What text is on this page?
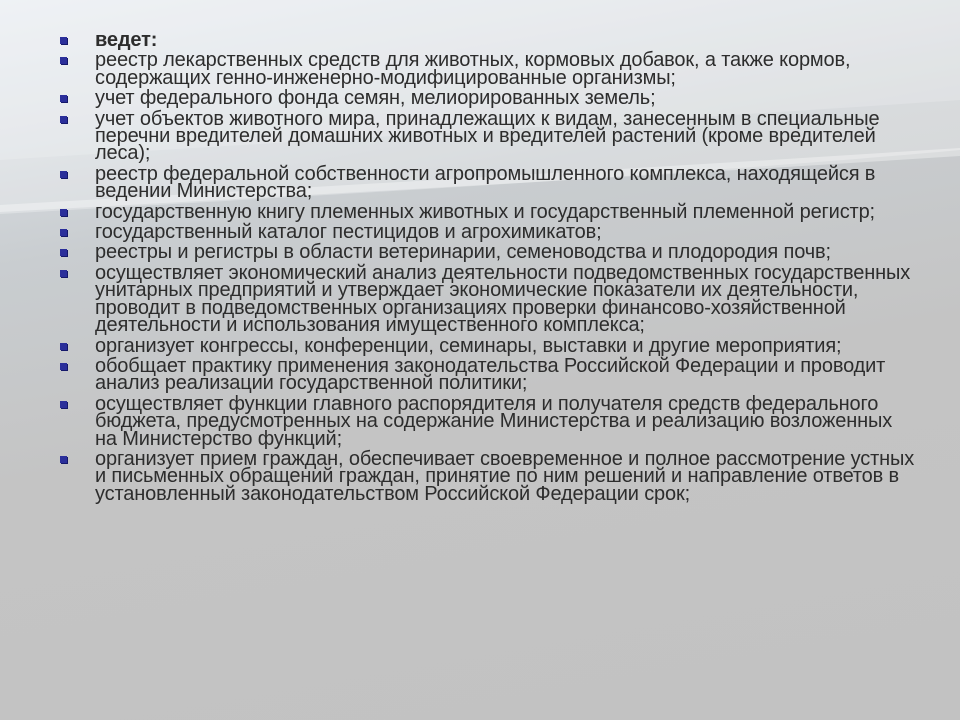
ведет:
реестр лекарственных средств для животных, кормовых добавок, а также кормов, содержащих генно-инженерно-модифицированные организмы;
учет федерального фонда семян, мелиорированных земель;
учет объектов животного мира, принадлежащих к видам, занесенным в специальные перечни вредителей домашних животных и вредителей растений (кроме вредителей леса);
реестр федеральной собственности агропромышленного комплекса, находящейся в ведении Министерства;
государственную книгу племенных животных и государственный племенной регистр;
государственный каталог пестицидов и агрохимикатов;
реестры и регистры в области ветеринарии, семеноводства и плодородия почв;
осуществляет экономический анализ деятельности подведомственных государственных унитарных предприятий и утверждает экономические показатели их деятельности, проводит в подведомственных организациях проверки финансово-хозяйственной деятельности и использования имущественного комплекса;
организует конгрессы, конференции, семинары, выставки и другие мероприятия;
обобщает практику применения законодательства Российской Федерации и проводит анализ реализации государственной политики;
осуществляет функции главного распорядителя и получателя средств федерального бюджета, предусмотренных на содержание Министерства и реализацию возложенных на Министерство функций;
организует прием граждан, обеспечивает своевременное и полное рассмотрение устных и письменных обращений граждан, принятие по ним решений и направление ответов в установленный законодательством Российской Федерации срок;
